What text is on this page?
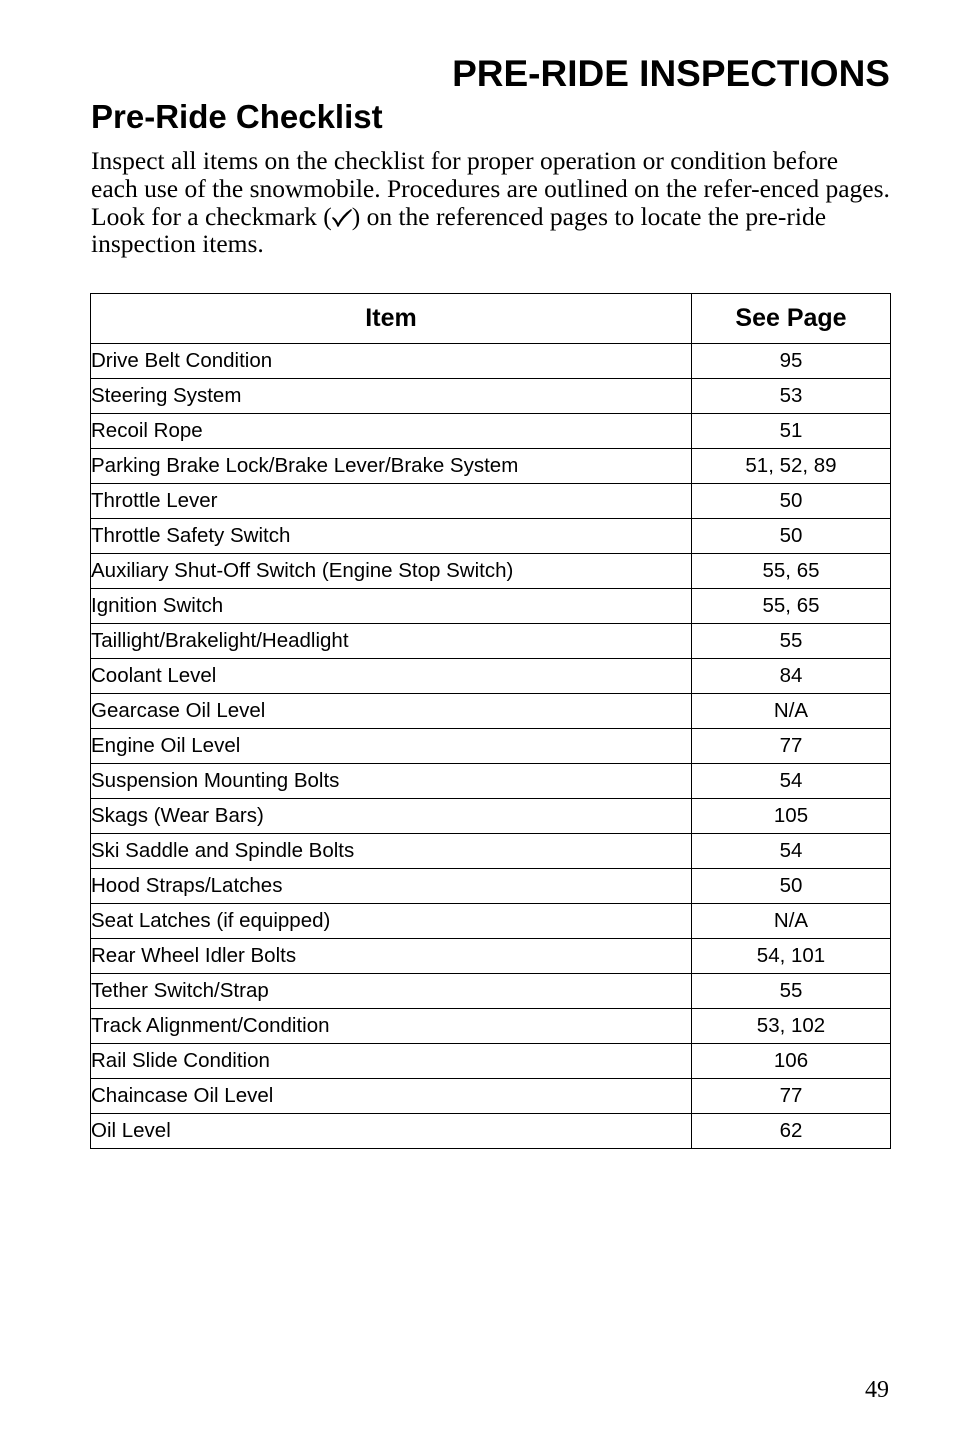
PRE-RIDE INSPECTIONS
Pre-Ride Checklist

Inspect all items on the checklist for proper operation or condition before each use of the snowmobile. Procedures are outlined on the refer-enced pages. Look for a checkmark ( ) on the referenced pages to locate the pre-ride inspection items.

Item	See Page
Drive Belt Condition	95
Steering System	53
Recoil Rope	51
Parking Brake Lock/Brake Lever/Brake System	51, 52, 89
Throttle Lever	50
Throttle Safety Switch	50
Auxiliary Shut-Off Switch (Engine Stop Switch)	55, 65
Ignition Switch	55, 65
Taillight/Brakelight/Headlight	55
Coolant Level	84
Gearcase Oil Level	N/A
Engine Oil Level	77
Suspension Mounting Bolts	54
Skags (Wear Bars)	105
Ski Saddle and Spindle Bolts	54
Hood Straps/Latches	50
Seat Latches (if equipped)	N/A
Rear Wheel Idler Bolts	54, 101
Tether Switch/Strap	55
Track Alignment/Condition	53, 102
Rail Slide Condition	106
Chaincase Oil Level	77
Oil Level	62

49
